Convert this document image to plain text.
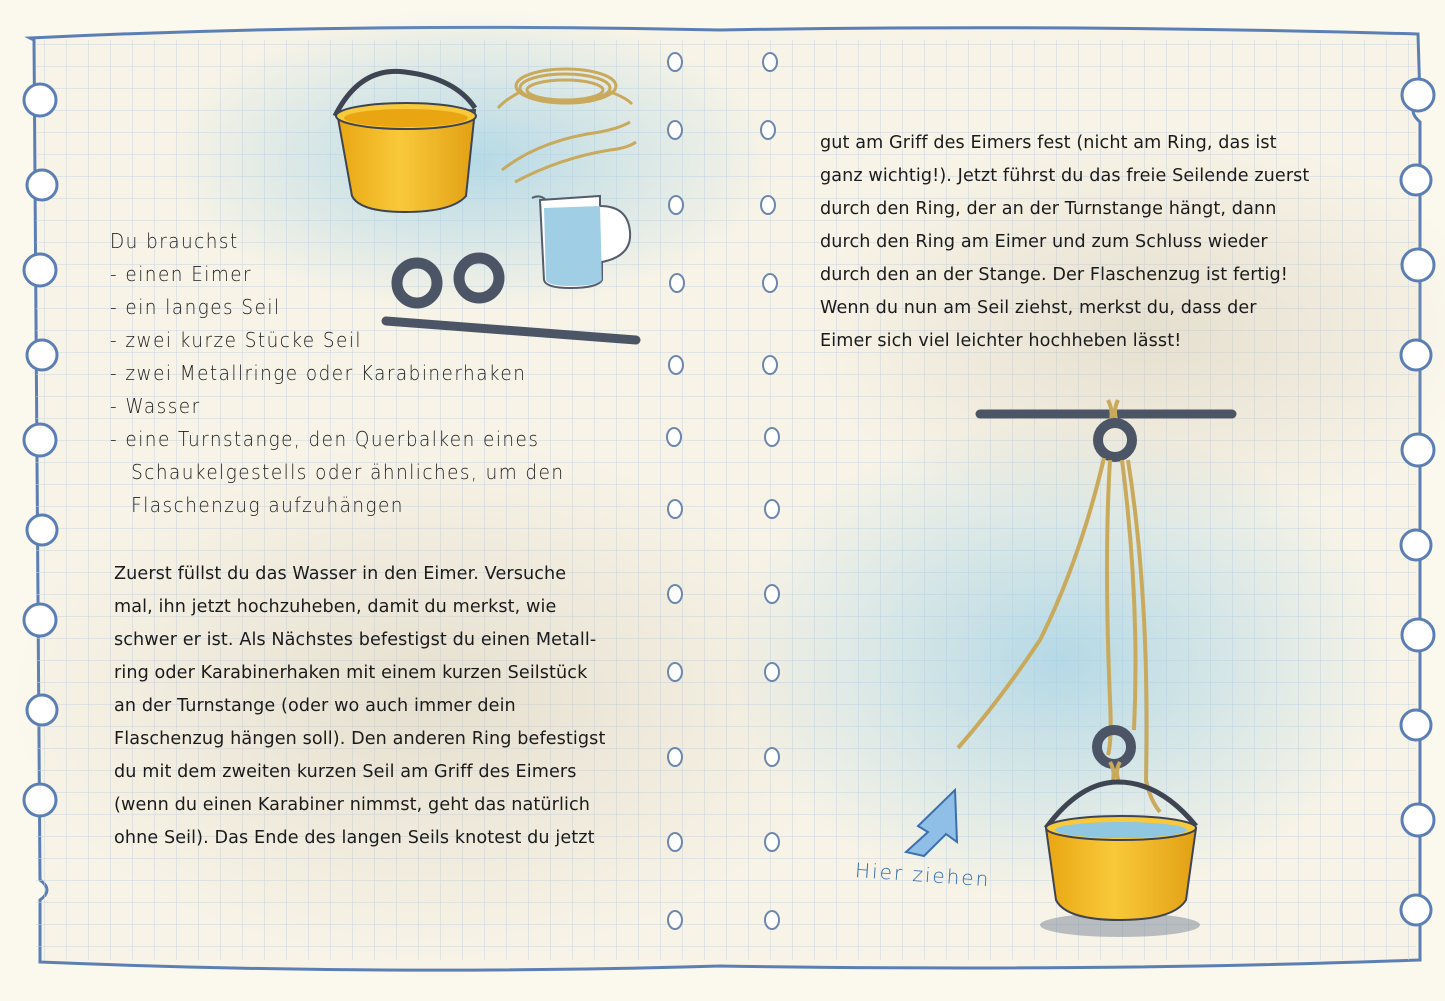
Du brauchst
- einen Eimer
- ein langes Seil
- zwei kurze Stücke Seil
- zwei Metallringe oder Karabinerhaken
- Wasser
- eine Turnstange, den Querbalken eines
Schaukelgestells oder ähnliches, um den
Flaschenzug aufzuhängen
Zuerst füllst du das Wasser in den Eimer. Versuche
mal, ihn jetzt hochzuheben, damit du merkst, wie
schwer er ist. Als Nächstes befestigst du einen Metall-
ring oder Karabinerhaken mit einem kurzen Seilstück
an der Turnstange (oder wo auch immer dein
Flaschenzug hängen soll). Den anderen Ring befestigst
du mit dem zweiten kurzen Seil am Griff des Eimers
(wenn du einen Karabiner nimmst, geht das natürlich
ohne Seil). Das Ende des langen Seils knotest du jetzt
gut am Griff des Eimers fest (nicht am Ring, das ist
ganz wichtig!). Jetzt führst du das freie Seilende zuerst
durch den Ring, der an der Turnstange hängt, dann
durch den Ring am Eimer und zum Schluss wieder
durch den an der Stange. Der Flaschenzug ist fertig!
Wenn du nun am Seil ziehst, merkst du, dass der
Eimer sich viel leichter hochheben lässt!
Hier ziehen
